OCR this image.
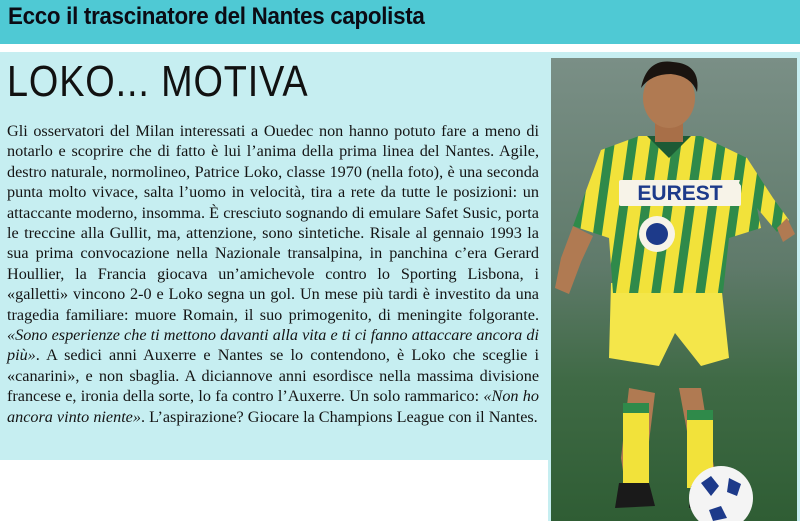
Ecco il trascinatore del Nantes capolista
LOKO... MOTIVA
Gli osservatori del Milan interessati a Ouedec non hanno potuto fare a meno di notarlo e scoprire che di fatto è lui l’anima della prima linea del Nantes. Agile, destro naturale, normolineo, Patrice Loko, classe 1970 (nella foto), è una seconda punta molto vivace, salta l’uomo in velocità, tira a rete da tutte le posizioni: un attaccante moderno, insomma. È cresciuto sognando di emulare Safet Susic, porta le treccine alla Gullit, ma, attenzione, sono sintetiche. Risale al gennaio 1993 la sua prima convocazione nella Nazionale transalpina, in panchina c’era Gerard Houllier, la Francia giocava un’amichevole contro lo Sporting Lisbona, i «galletti» vincono 2-0 e Loko segna un gol. Un mese più tardi è investito da una tragedia familiare: muore Romain, il suo primogenito, di meningite folgorante. «Sono esperienze che ti mettono davanti alla vita e ti ci fanno attaccare ancora di più». A sedici anni Auxerre e Nantes se lo contendono, è Loko che sceglie i «canarini», e non sbaglia. A diciannove anni esordisce nella massima divisione francese e, ironia della sorte, lo fa contro l’Auxerre. Un solo rammarico: «Non ho ancora vinto niente». L’aspirazione? Giocare la Champions League con il Nantes.
EUREST
